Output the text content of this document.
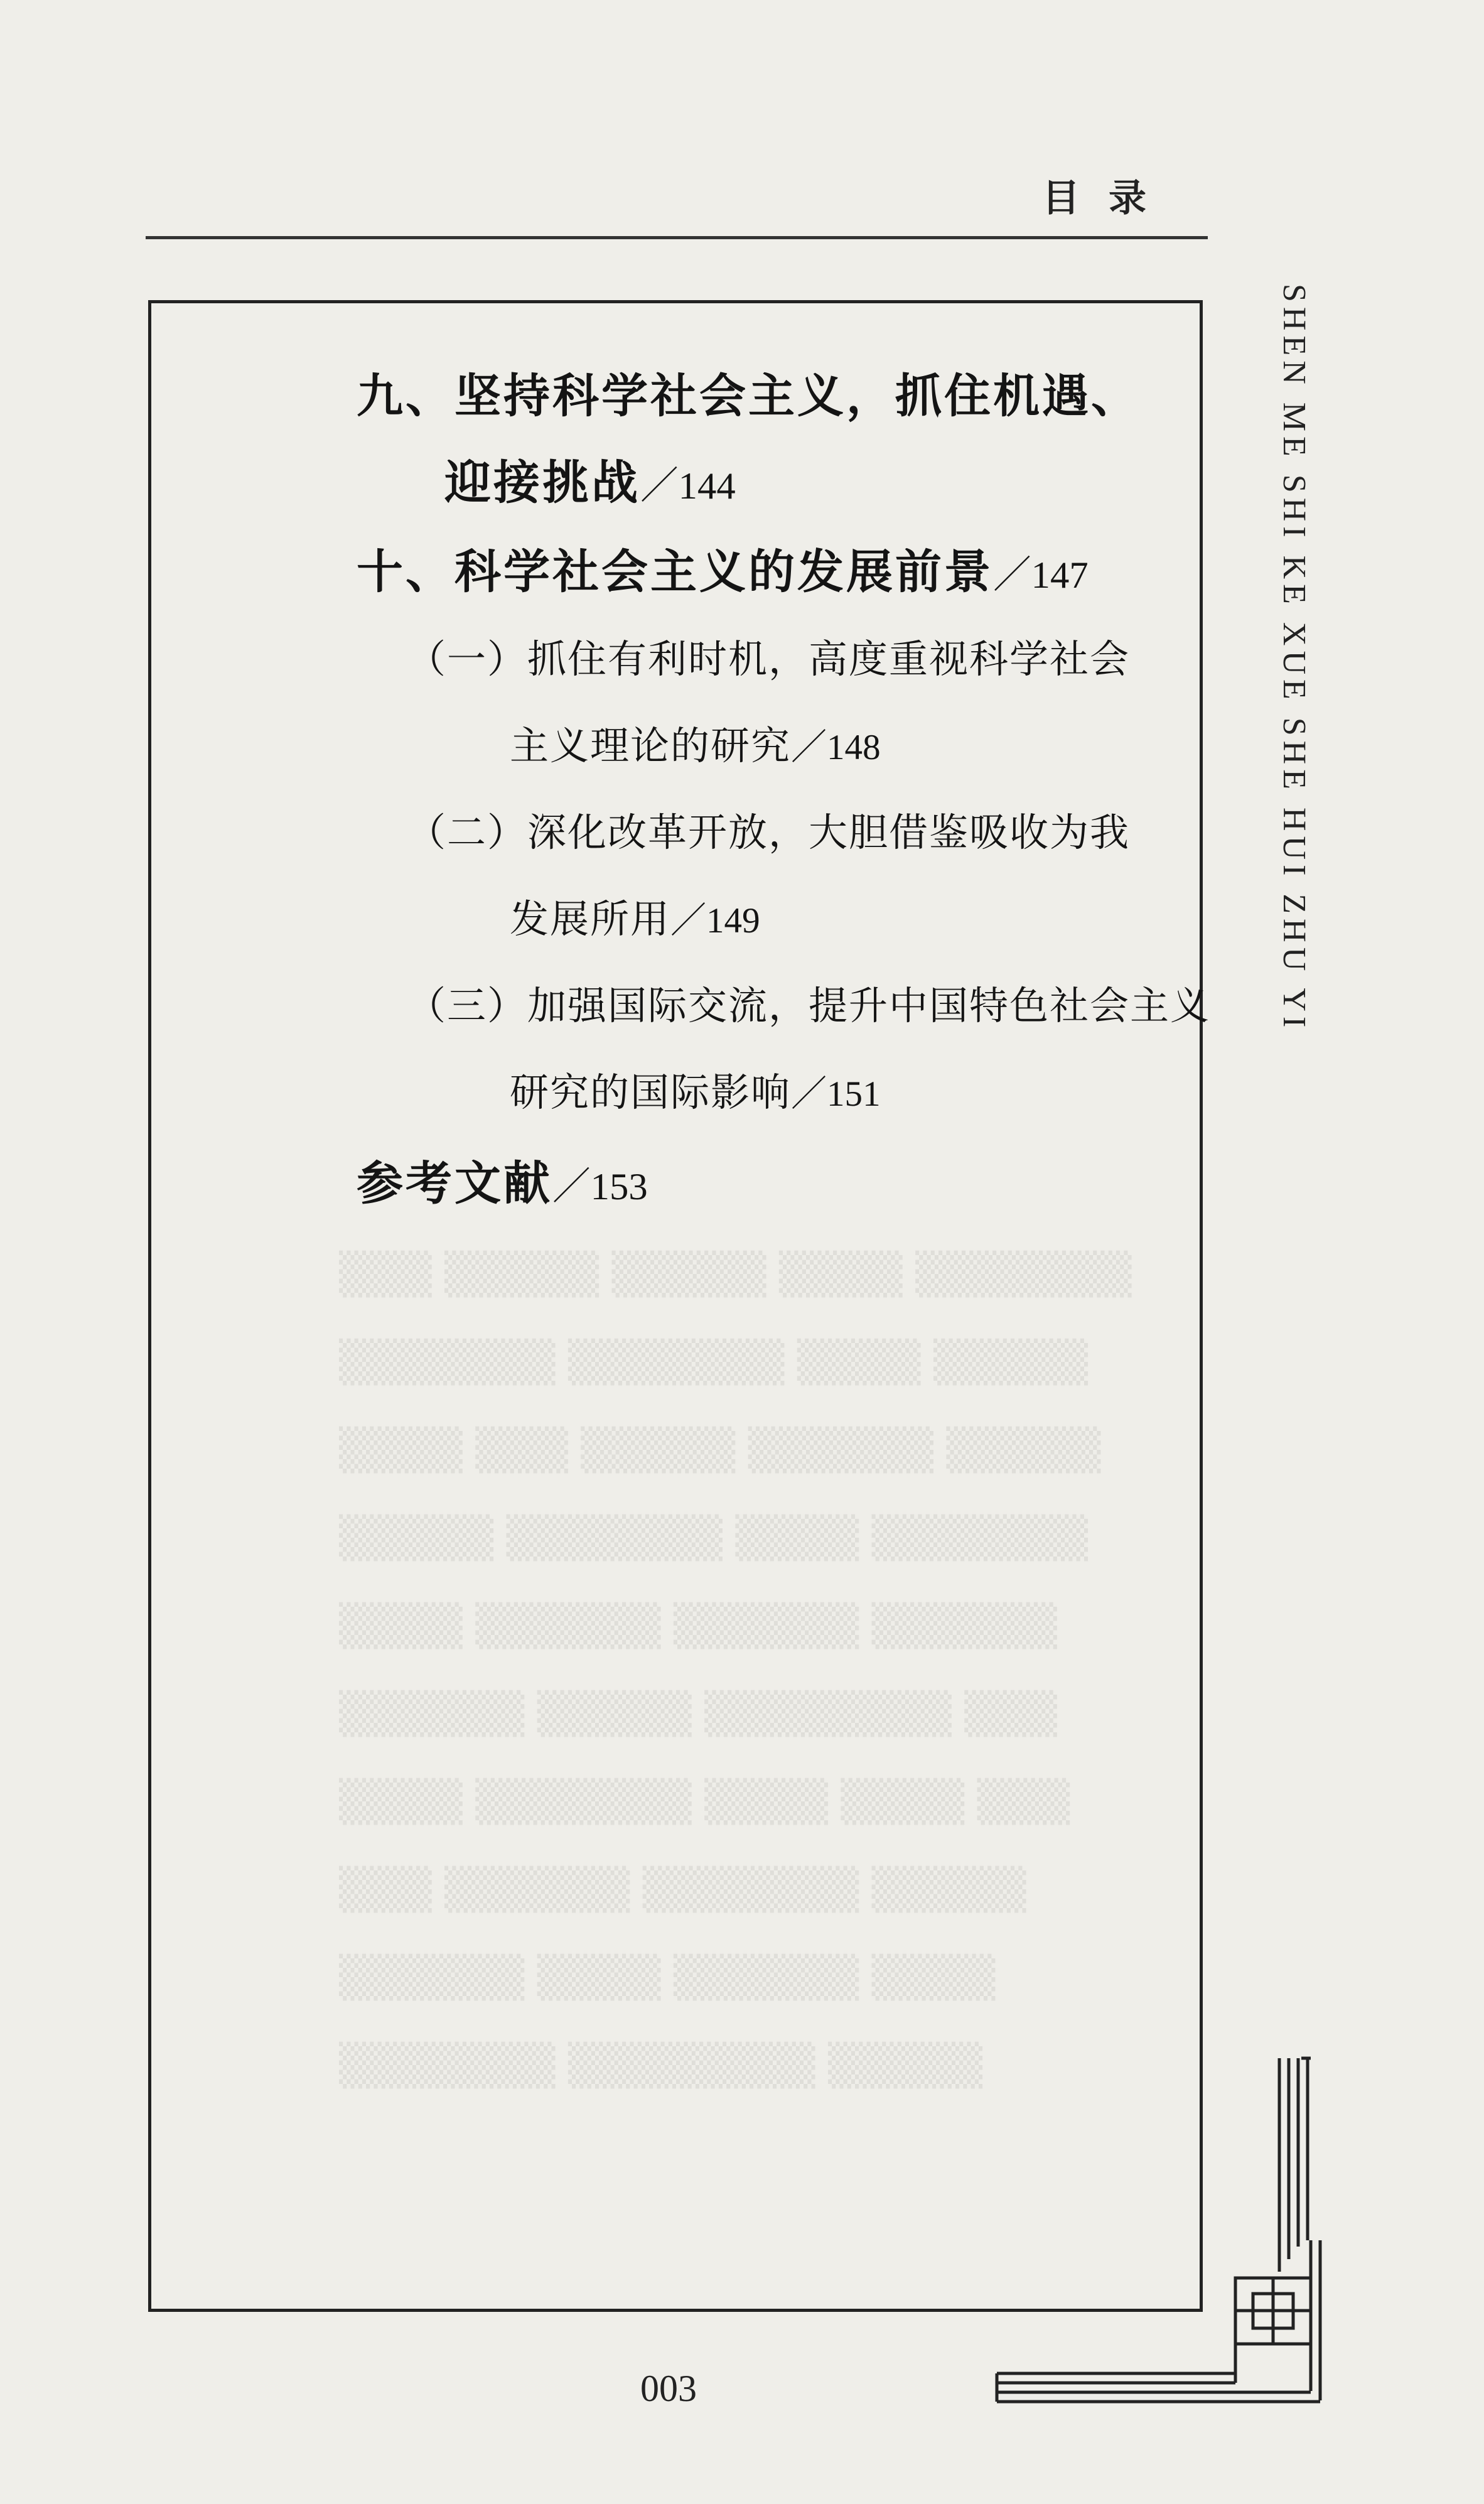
目录
SHEN ME SHI KE XUE SHE HUI ZHU YI
▒▒▒ ▒▒▒▒▒ ▒▒▒▒▒ ▒▒▒▒ ▒▒▒▒▒▒▒
▒▒▒▒▒▒▒ ▒▒▒▒▒▒▒ ▒▒▒▒ ▒▒▒▒▒
▒▒▒▒ ▒▒▒ ▒▒▒▒▒ ▒▒▒▒▒▒ ▒▒▒▒▒
▒▒▒▒▒ ▒▒▒▒▒▒▒ ▒▒▒▒ ▒▒▒▒▒▒▒
▒▒▒▒ ▒▒▒▒▒▒ ▒▒▒▒▒▒ ▒▒▒▒▒▒
▒▒▒▒▒▒ ▒▒▒▒▒ ▒▒▒▒▒▒▒▒ ▒▒▒
▒▒▒▒ ▒▒▒▒▒▒▒ ▒▒▒▒ ▒▒▒▒ ▒▒▒
▒▒▒ ▒▒▒▒▒▒ ▒▒▒▒▒▒▒ ▒▒▒▒▒
▒▒▒▒▒▒ ▒▒▒▒ ▒▒▒▒▒▒ ▒▒▒▒
▒▒▒▒▒▒▒ ▒▒▒▒▒▒▒▒ ▒▒▒▒▒
九、坚持科学社会主义，抓住机遇、
迎接挑战／144
十、科学社会主义的发展前景／147
（一）抓住有利时机，高度重视科学社会
主义理论的研究／148
（二）深化改革开放，大胆借鉴吸收为我
发展所用／149
（三）加强国际交流，提升中国特色社会主义
研究的国际影响／151
参考文献／153
003
